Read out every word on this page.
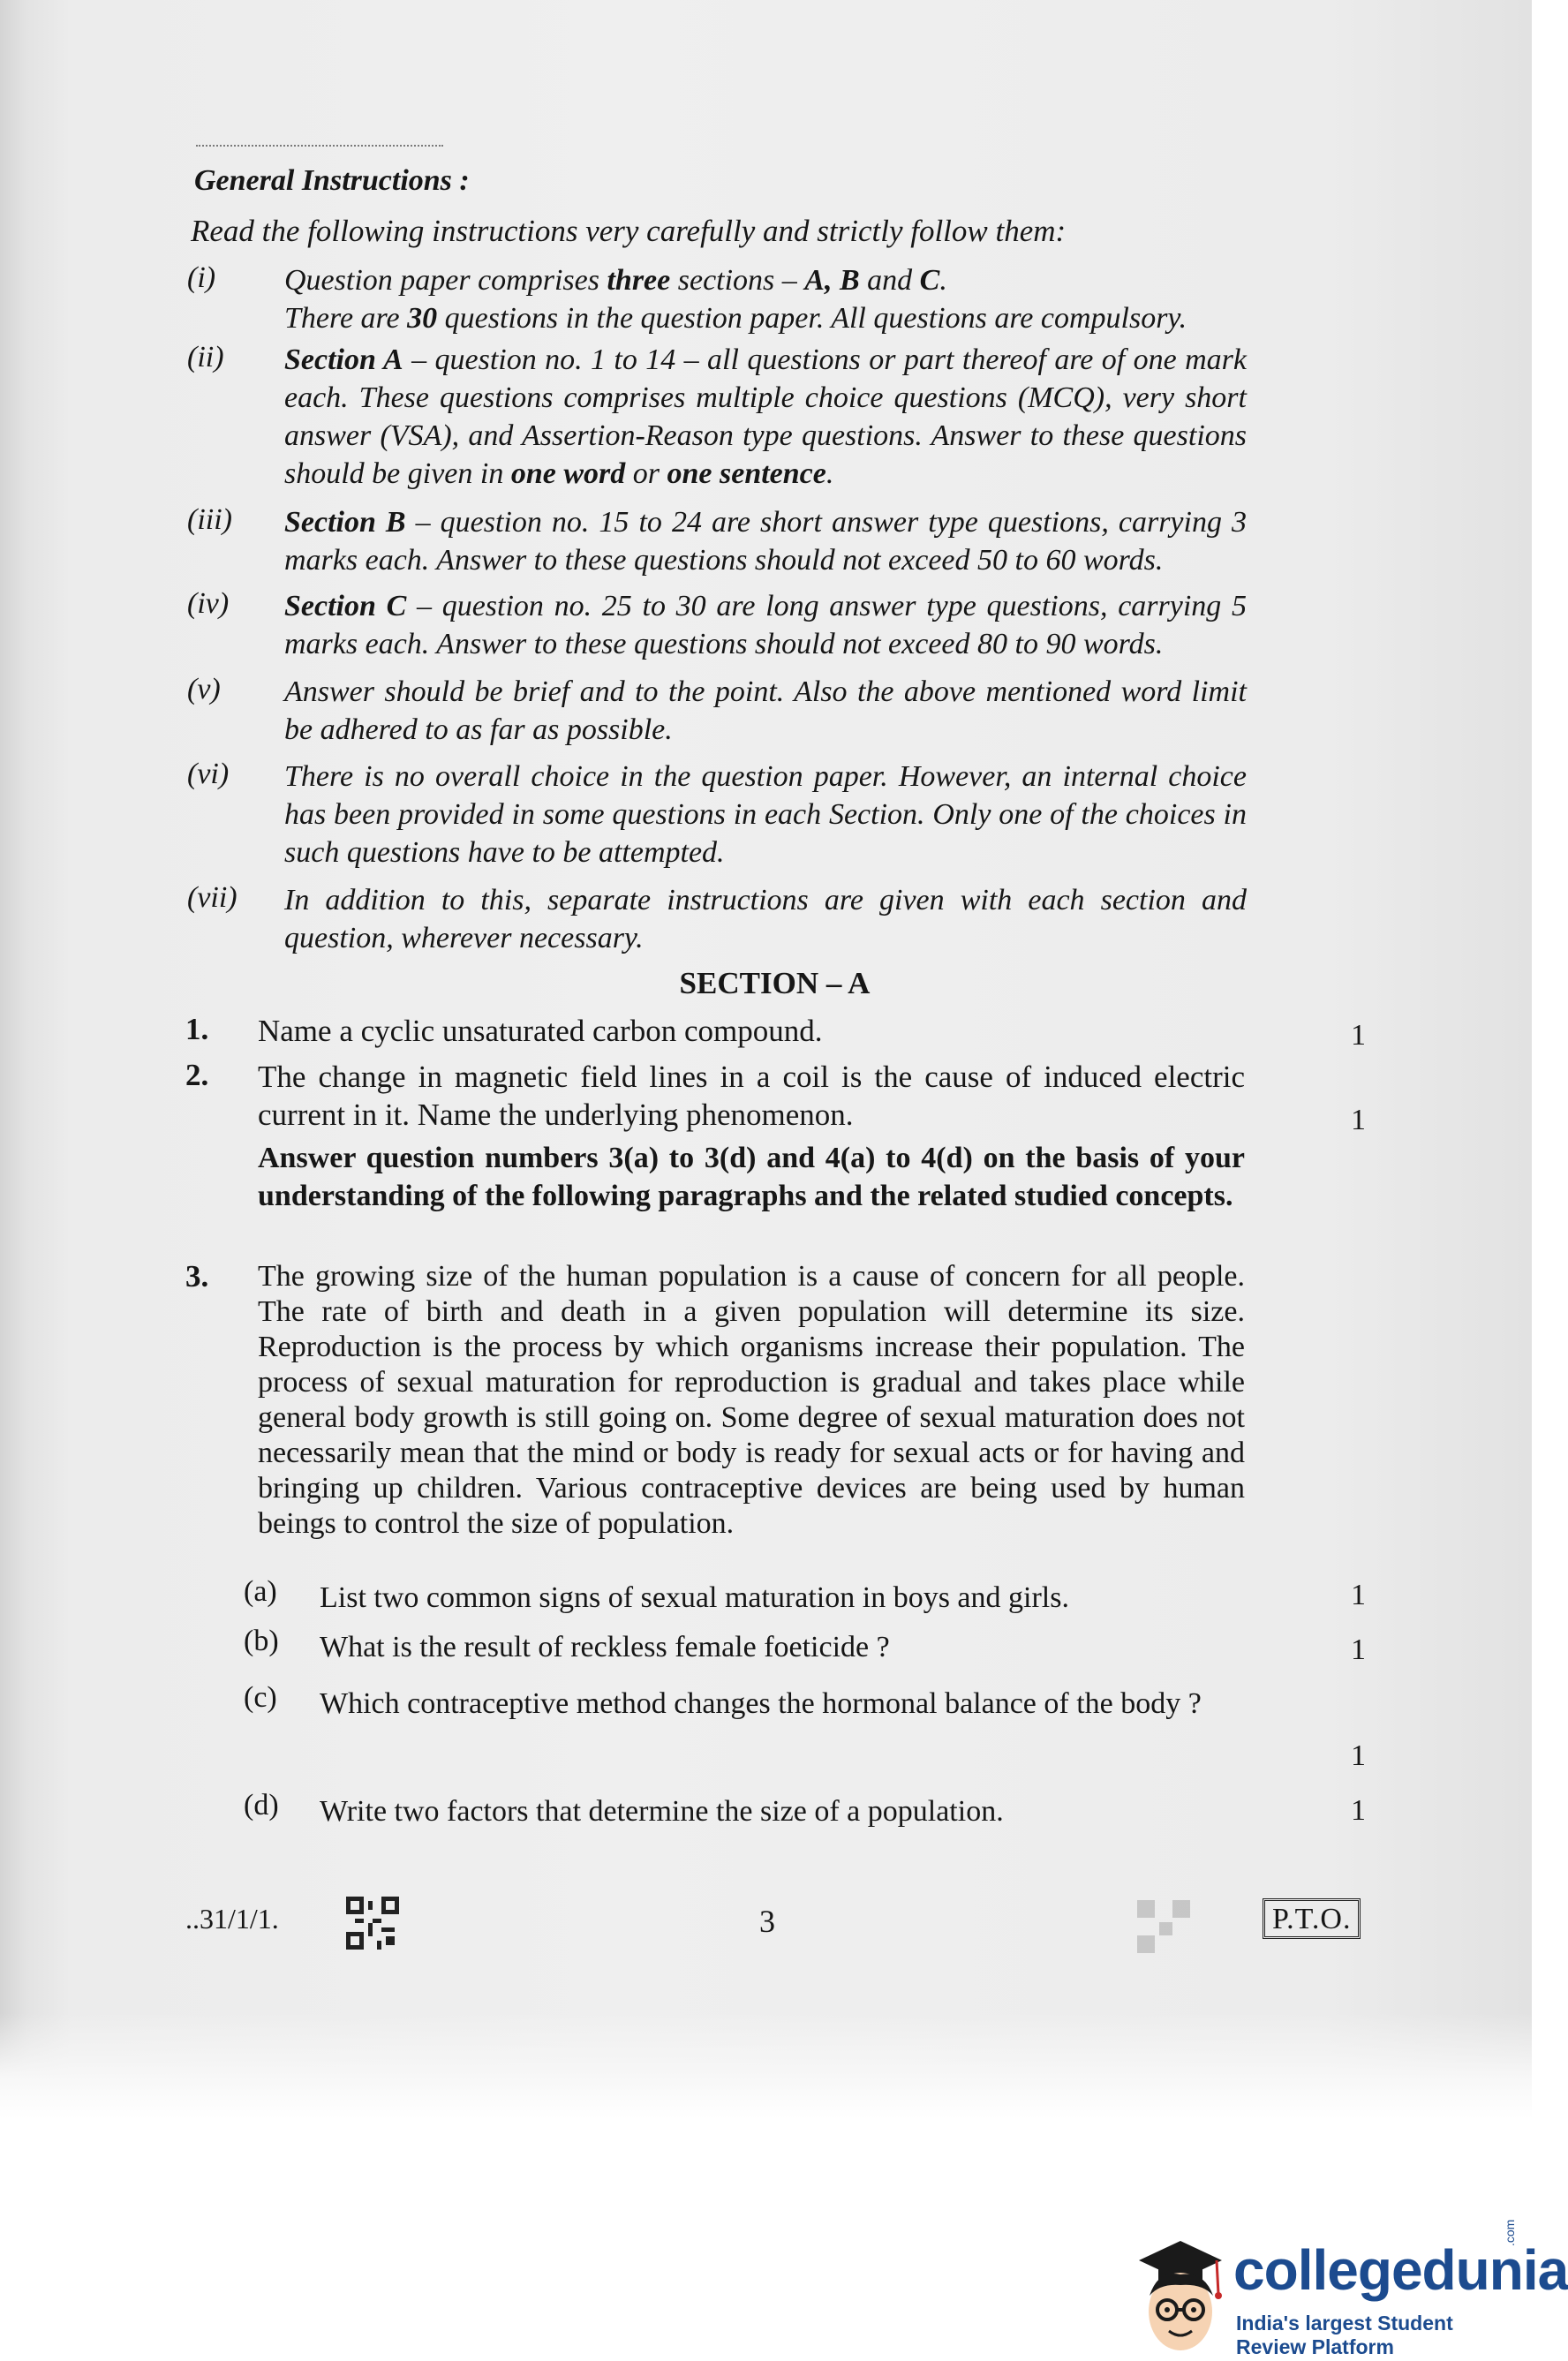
General Instructions :
Read the following instructions very carefully and strictly follow them:
(i) Question paper comprises three sections – A, B and C.
There are 30 questions in the question paper. All questions are compulsory.
(ii) Section A – question no. 1 to 14 – all questions or part thereof are of one mark each. These questions comprises multiple choice questions (MCQ), very short answer (VSA), and Assertion-Reason type questions. Answer to these questions should be given in one word or one sentence.
(iii) Section B – question no. 15 to 24 are short answer type questions, carrying 3 marks each. Answer to these questions should not exceed 50 to 60 words.
(iv) Section C – question no. 25 to 30 are long answer type questions, carrying 5 marks each. Answer to these questions should not exceed 80 to 90 words.
(v) Answer should be brief and to the point. Also the above mentioned word limit be adhered to as far as possible.
(vi) There is no overall choice in the question paper. However, an internal choice has been provided in some questions in each Section. Only one of the choices in such questions have to be attempted.
(vii) In addition to this, separate instructions are given with each section and question, wherever necessary.
SECTION – A
1. Name a cyclic unsaturated carbon compound.	1
2. The change in magnetic field lines in a coil is the cause of induced electric current in it. Name the underlying phenomenon.	1
Answer question numbers 3(a) to 3(d) and 4(a) to 4(d) on the basis of your understanding of the following paragraphs and the related studied concepts.
3. The growing size of the human population is a cause of concern for all people. The rate of birth and death in a given population will determine its size. Reproduction is the process by which organisms increase their population. The process of sexual maturation for reproduction is gradual and takes place while general body growth is still going on. Some degree of sexual maturation does not necessarily mean that the mind or body is ready for sexual acts or for having and bringing up children. Various contraceptive devices are being used by human beings to control the size of population.
(a) List two common signs of sexual maturation in boys and girls.	1
(b) What is the result of reckless female foeticide ?	1
(c) Which contraceptive method changes the hormonal balance of the body ?
1
(d) Write two factors that determine the size of a population.	1
..31/1/1.	3	P.T.O.
collegedunia
.com
India's largest Student Review Platform
